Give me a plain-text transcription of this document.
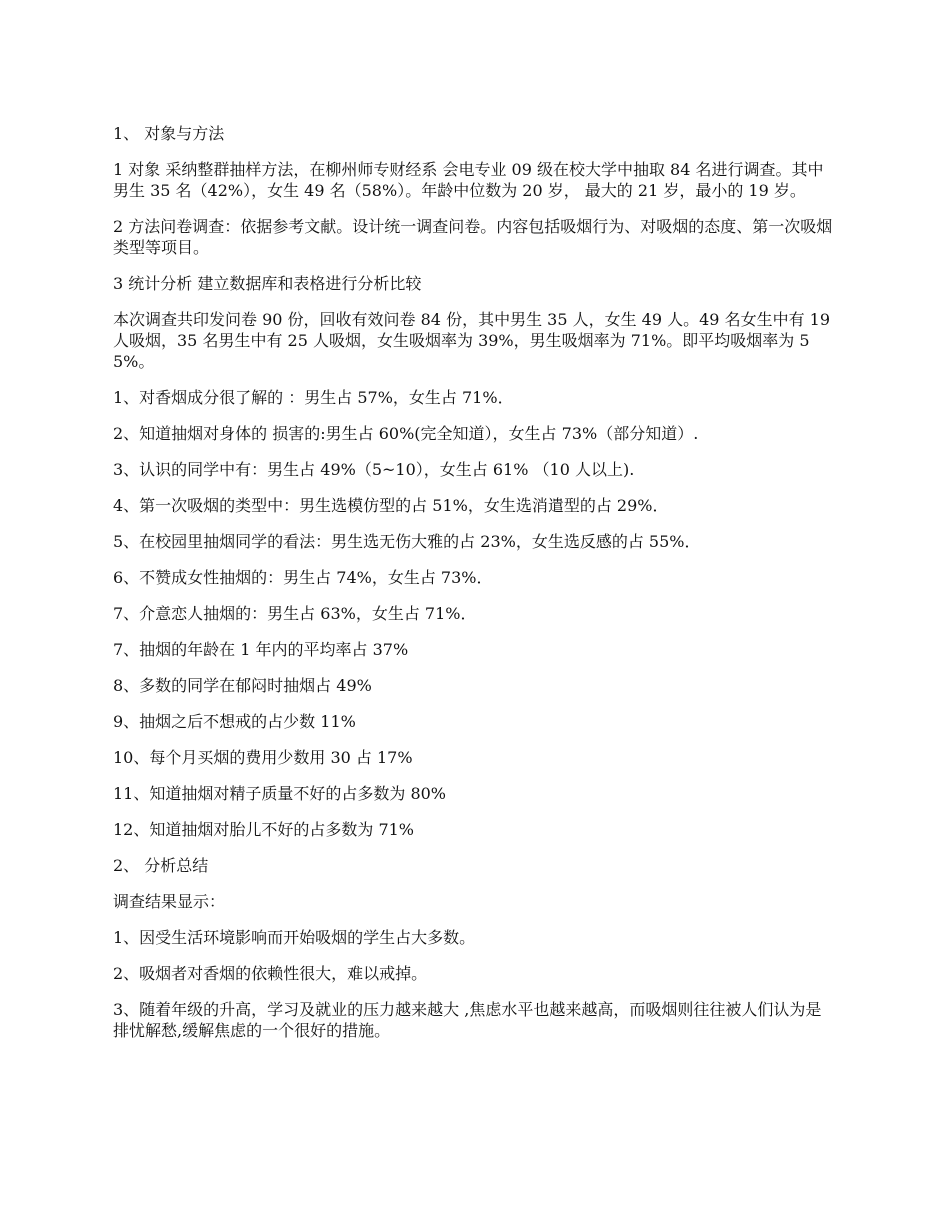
1、 对象与方法

1 对象 采纳整群抽样方法，在柳州师专财经系 会电专业 09 级在校大学中抽取 84 名进行调查。其中男生 35 名（42%），女生 49 名（58%）。年龄中位数为 20 岁， 最大的 21 岁，最小的 19 岁。

2 方法问卷调查：依据参考文献。设计统一调查问卷。内容包括吸烟行为、对吸烟的态度、第一次吸烟类型等项目。

3 统计分析 建立数据库和表格进行分析比较

本次调查共印发问卷 90 份，回收有效问卷 84 份，其中男生 35 人，女生 49 人。49 名女生中有 19 人吸烟，35 名男生中有 25 人吸烟，女生吸烟率为 39%，男生吸烟率为 71%。即平均吸烟率为 55%。

1、对香烟成分很了解的 ：男生占 57%，女生占 71%．

2、知道抽烟对身体的 损害的:男生占 60%(完全知道），女生占 73%（部分知道）.

3、认识的同学中有：男生占 49%（5~10），女生占 61% （10 人以上).

4、第一次吸烟的类型中：男生选模仿型的占 51%，女生选消遣型的占 29%．

5、在校园里抽烟同学的看法：男生选无伤大雅的占 23%，女生选反感的占 55%．

6、不赞成女性抽烟的：男生占 74%，女生占 73%．

7、介意恋人抽烟的：男生占 63%，女生占 71%．

7、抽烟的年龄在 1 年内的平均率占 37%

8、多数的同学在郁闷时抽烟占 49%

9、抽烟之后不想戒的占少数 11%

10、每个月买烟的费用少数用 30 占 17%

11、知道抽烟对精子质量不好的占多数为 80%

12、知道抽烟对胎儿不好的占多数为 71%

2、 分析总结

调查结果显示：

1、因受生活环境影响而开始吸烟的学生占大多数。

2、吸烟者对香烟的依赖性很大，难以戒掉。

3、随着年级的升高，学习及就业的压力越来越大 ,焦虑水平也越来越高，而吸烟则往往被人们认为是排忧解愁,缓解焦虑的一个很好的措施。
